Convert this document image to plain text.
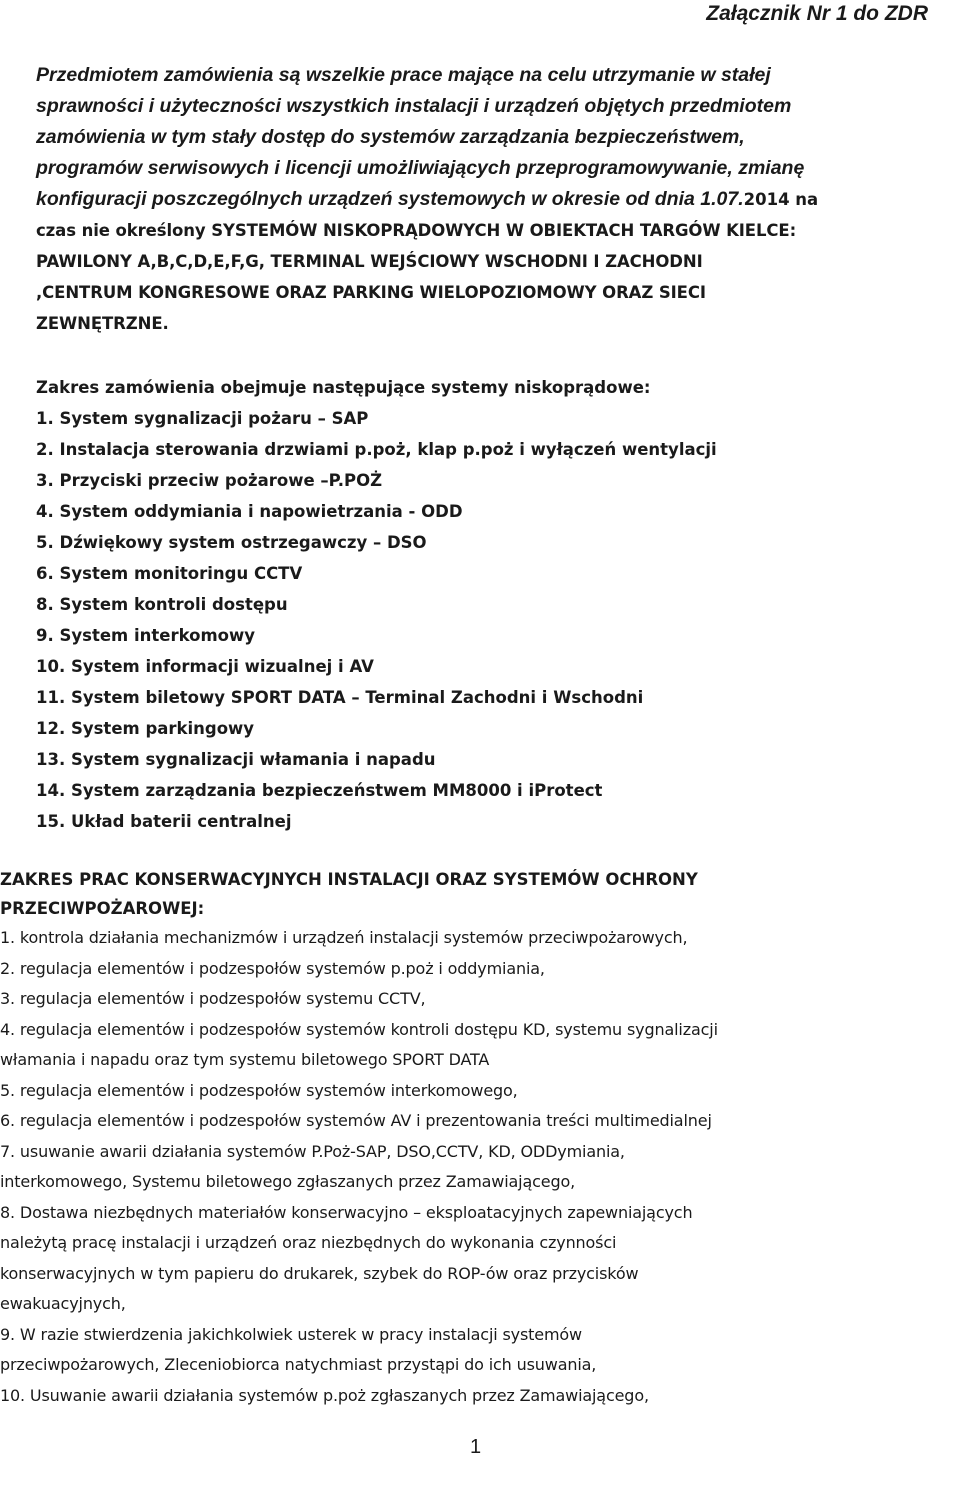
Załącznik Nr 1 do ZDR
Przedmiotem zamówienia są wszelkie prace mające na celu utrzymanie w stałej
sprawności i użyteczności wszystkich instalacji i urządzeń objętych przedmiotem
zamówienia w tym stały dostęp do systemów zarządzania bezpieczeństwem,
programów serwisowych i licencji umożliwiających przeprogramowywanie, zmianę
konfiguracji poszczególnych urządzeń systemowych w okresie od dnia 1.07.2014 na
czas nie określony SYSTEMÓW NISKOPRĄDOWYCH W OBIEKTACH TARGÓW KIELCE:
PAWILONY A,B,C,D,E,F,G, TERMINAL WEJŚCIOWY WSCHODNI I ZACHODNI
,CENTRUM KONGRESOWE ORAZ PARKING WIELOPOZIOMOWY ORAZ SIECI
ZEWNĘTRZNE.
Zakres zamówienia obejmuje następujące systemy niskoprądowe:
1. System sygnalizacji pożaru – SAP
2. Instalacja sterowania drzwiami p.poż, klap p.poż i wyłączeń wentylacji
3. Przyciski przeciw pożarowe –P.POŻ
4. System oddymiania i napowietrzania - ODD
5. Dźwiękowy system ostrzegawczy – DSO
6. System monitoringu CCTV
8. System kontroli dostępu
9. System interkomowy
10. System informacji wizualnej i AV
11. System biletowy SPORT DATA – Terminal Zachodni i Wschodni
12. System parkingowy
13. System sygnalizacji włamania i napadu
14. System zarządzania bezpieczeństwem MM8000 i iProtect
15. Układ baterii centralnej
ZAKRES PRAC KONSERWACYJNYCH INSTALACJI ORAZ SYSTEMÓW OCHRONY
PRZECIWPOŻAROWEJ:
1. kontrola działania mechanizmów i urządzeń instalacji systemów przeciwpożarowych,
2. regulacja elementów i podzespołów systemów p.poż i oddymiania,
3. regulacja elementów i podzespołów systemu CCTV,
4. regulacja elementów i podzespołów systemów kontroli dostępu KD, systemu sygnalizacji
włamania i napadu oraz tym systemu biletowego SPORT DATA
5. regulacja elementów i podzespołów systemów interkomowego,
6. regulacja elementów i podzespołów systemów AV i prezentowania treści multimedialnej
7. usuwanie awarii działania systemów P.Poż-SAP, DSO,CCTV, KD, ODDymiania,
interkomowego, Systemu biletowego zgłaszanych przez Zamawiającego,
8. Dostawa niezbędnych materiałów konserwacyjno – eksploatacyjnych zapewniających
należytą pracę instalacji i urządzeń oraz niezbędnych do wykonania czynności
konserwacyjnych w tym papieru do drukarek, szybek do ROP-ów oraz przycisków
ewakuacyjnych,
9. W razie stwierdzenia jakichkolwiek usterek w pracy instalacji systemów
przeciwpożarowych, Zleceniobiorca natychmiast przystąpi do ich usuwania,
10. Usuwanie awarii działania systemów p.poż zgłaszanych przez Zamawiającego,
1
